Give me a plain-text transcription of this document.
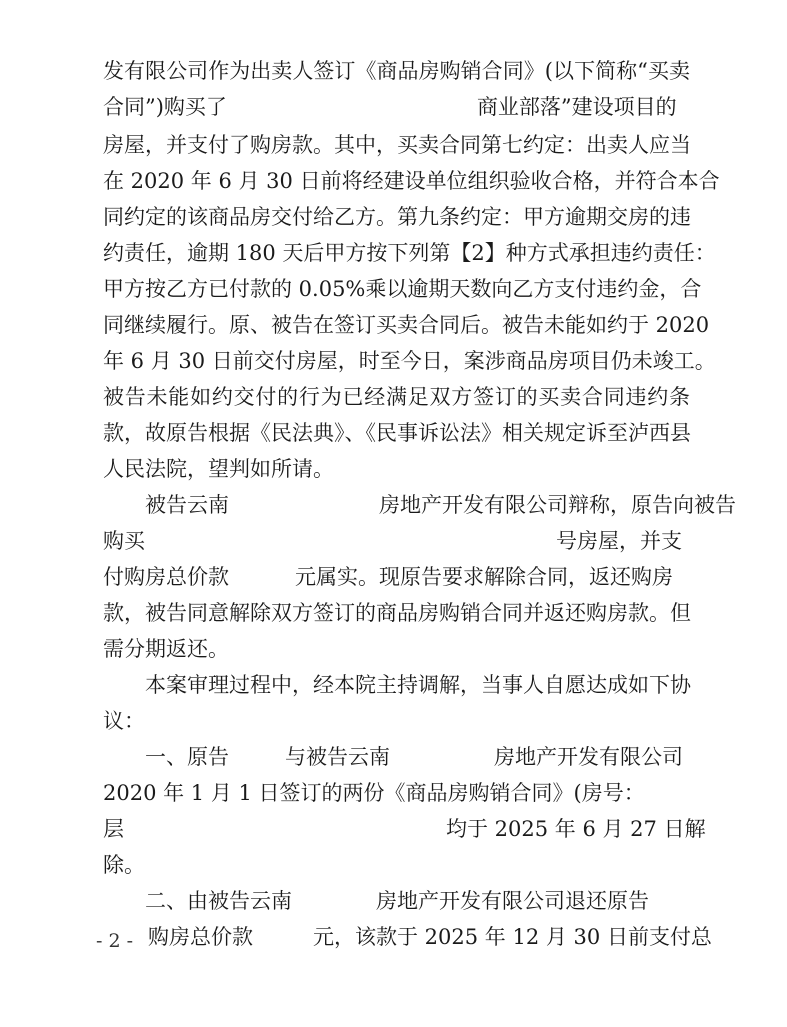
发有限公司作为出卖人签订《商品房购销合同》(以下简称“买卖
合同”)购买了	商业部落”建设项目的
房屋，并支付了购房款。其中，买卖合同第七约定：出卖人应当
在 2020 年 6 月 30 日前将经建设单位组织验收合格，并符合本合
同约定的该商品房交付给乙方。第九条约定：甲方逾期交房的违
约责任，逾期 180 天后甲方按下列第【2】种方式承担违约责任：
甲方按乙方已付款的 0.05%乘以逾期天数向乙方支付违约金，合
同继续履行。原、被告在签订买卖合同后。被告未能如约于 2020
年 6 月 30 日前交付房屋，时至今日，案涉商品房项目仍未竣工。
被告未能如约交付的行为已经满足双方签订的买卖合同违约条
款，故原告根据《民法典》、《民事诉讼法》相关规定诉至泸西县
人民法院，望判如所请。
被告云南	房地产开发有限公司辩称，原告向被告
购买	号房屋，并支
付购房总价款	元属实。现原告要求解除合同，返还购房
款，被告同意解除双方签订的商品房购销合同并返还购房款。但
需分期返还。
本案审理过程中，经本院主持调解，当事人自愿达成如下协
议：
一、原告	与被告云南	房地产开发有限公司
2020 年 1 月 1 日签订的两份《商品房购销合同》(房号：
层	均于 2025 年 6 月 27 日解
除。
二、由被告云南	房地产开发有限公司退还原告
购房总价款	元，该款于 2025 年 12 月 30 日前支付总
- 2 -
